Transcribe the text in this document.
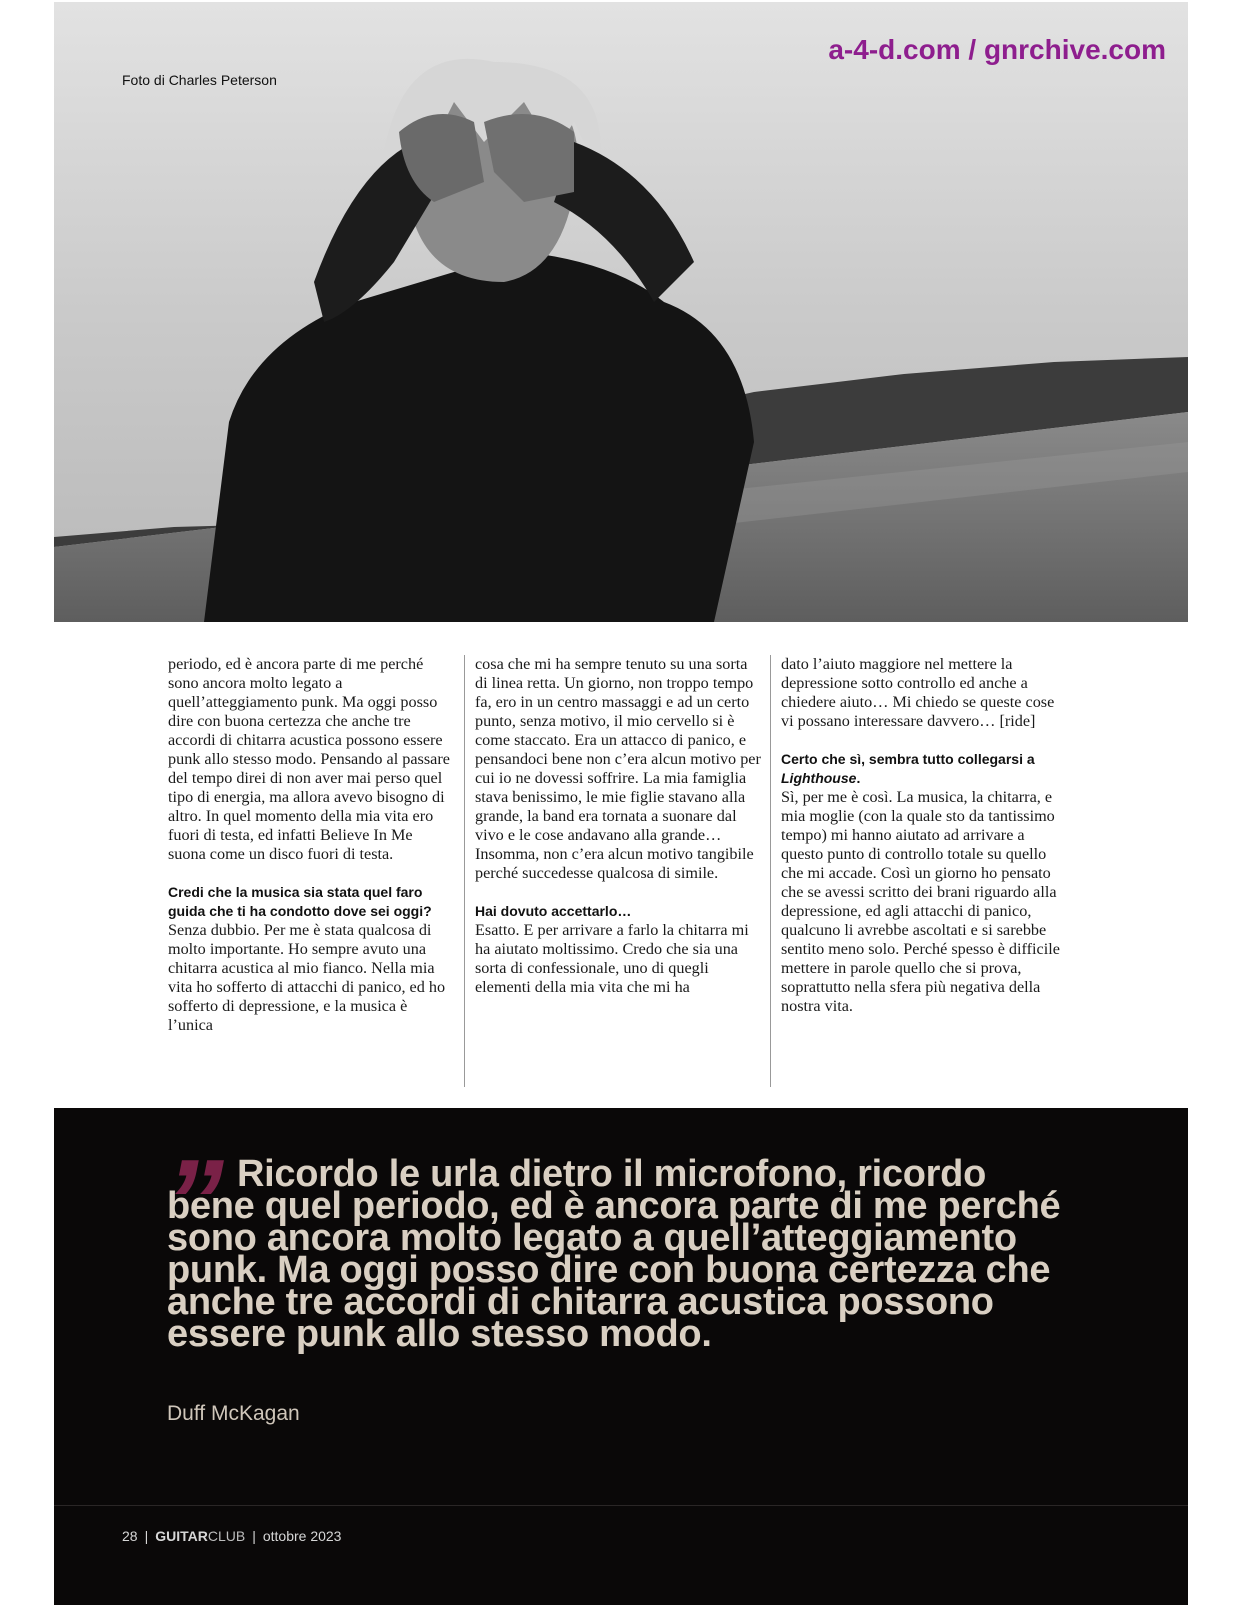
Foto di Charles Peterson

a-4-d.com / gnrchive.com

periodo, ed è ancora parte di me perché sono ancora molto legato a quell’atteggiamento punk. Ma oggi posso dire con buona certezza che anche tre accordi di chitarra acustica possono essere punk allo stesso modo. Pensando al passare del tempo direi di non aver mai perso quel tipo di energia, ma allora avevo bisogno di altro. In quel momento della mia vita ero fuori di testa, ed infatti Believe In Me suona come un disco fuori di testa.

Credi che la musica sia stata quel faro guida che ti ha condotto dove sei oggi?

Senza dubbio. Per me è stata qualcosa di molto importante. Ho sempre avuto una chitarra acustica al mio fianco. Nella mia vita ho sofferto di attacchi di panico, ed ho sofferto di depressione, e la musica è l’unica

cosa che mi ha sempre tenuto su una sorta di linea retta. Un giorno, non troppo tempo fa, ero in un centro massaggi e ad un certo punto, senza motivo, il mio cervello si è come staccato. Era un attacco di panico, e pensandoci bene non c’era alcun motivo per cui io ne dovessi soffrire. La mia famiglia stava benissimo, le mie figlie stavano alla grande, la band era tornata a suonare dal vivo e le cose andavano alla grande… Insomma, non c’era alcun motivo tangibile perché succedesse qualcosa di simile.

Hai dovuto accettarlo…

Esatto. E per arrivare a farlo la chitarra mi ha aiutato moltissimo. Credo che sia una sorta di confessionale, uno di quegli elementi della mia vita che mi ha

dato l’aiuto maggiore nel mettere la depressione sotto controllo ed anche a chiedere aiuto… Mi chiedo se queste cose vi possano interessare davvero… [ride]

Certo che sì, sembra tutto collegarsi a Lighthouse.

Sì, per me è così. La musica, la chitarra, e mia moglie (con la quale sto da tantissimo tempo) mi hanno aiutato ad arrivare a questo punto di controllo totale su quello che mi accade. Così un giorno ho pensato che se avessi scritto dei brani riguardo alla depressione, ed agli attacchi di panico, qualcuno li avrebbe ascoltati e si sarebbe sentito meno solo. Perché spesso è difficile mettere in parole quello che si prova, soprattutto nella sfera più negativa della nostra vita.

” Ricordo le urla dietro il microfono, ricordo bene quel periodo, ed è ancora parte di me perché sono ancora molto legato a quell’atteggiamento punk. Ma oggi posso dire con buona certezza che anche tre accordi di chitarra acustica possono essere punk allo stesso modo.

Duff McKagan

28 | GUITARCLUB | ottobre 2023
